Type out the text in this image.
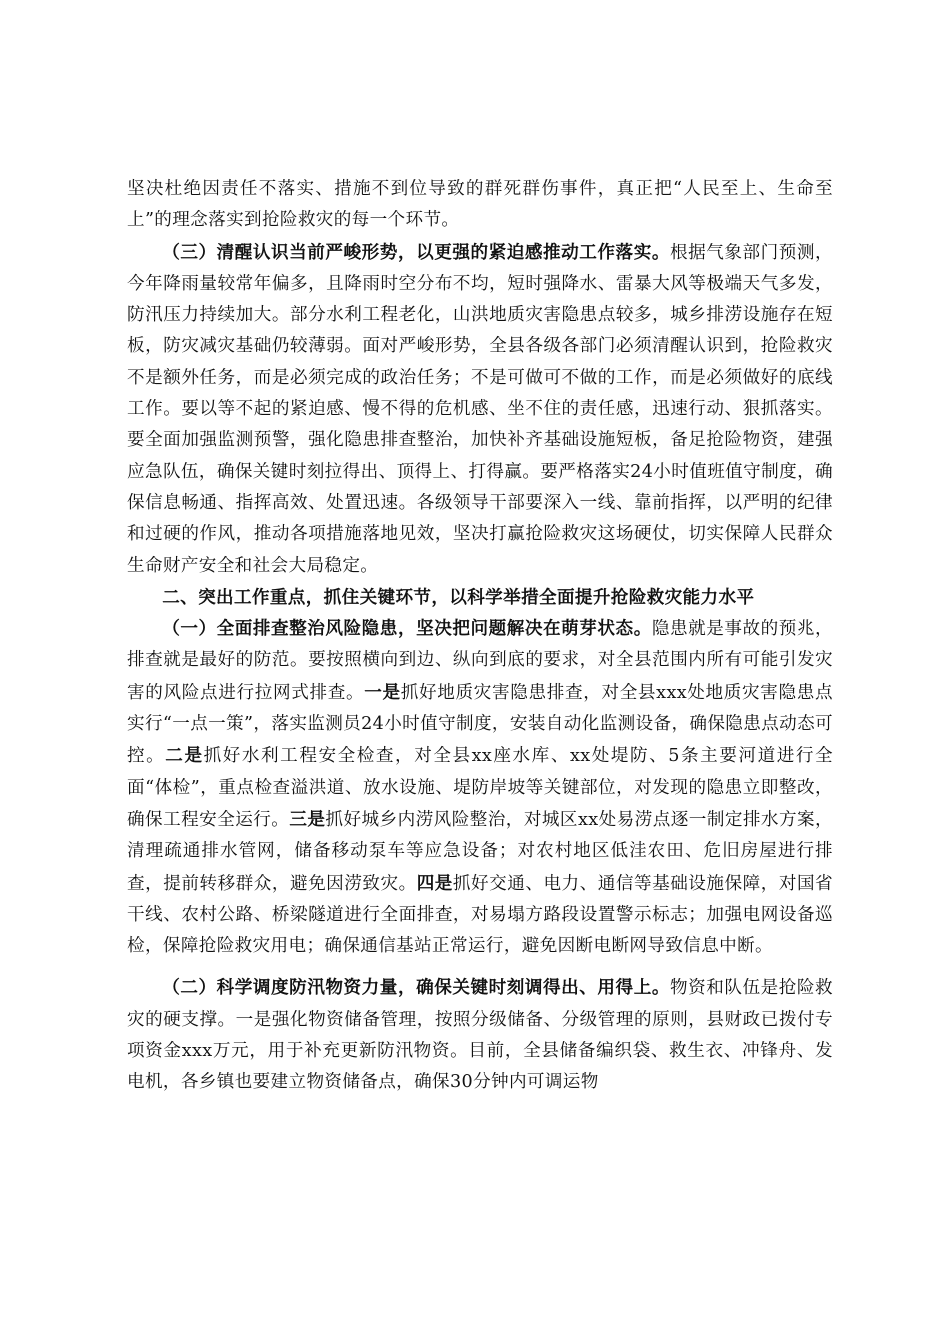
坚决杜绝因责任不落实、措施不到位导致的群死群伤事件，真正把“人民至上、生命至上”的理念落实到抢险救灾的每一个环节。

（三）清醒认识当前严峻形势，以更强的紧迫感推动工作落实。根据气象部门预测，今年降雨量较常年偏多，且降雨时空分布不均，短时强降水、雷暴大风等极端天气多发，防汛压力持续加大。部分水利工程老化，山洪地质灾害隐患点较多，城乡排涝设施存在短板，防灾减灾基础仍较薄弱。面对严峻形势，全县各级各部门必须清醒认识到，抢险救灾不是额外任务，而是必须完成的政治任务；不是可做可不做的工作，而是必须做好的底线工作。要以等不起的紧迫感、慢不得的危机感、坐不住的责任感，迅速行动、狠抓落实。要全面加强监测预警，强化隐患排查整治，加快补齐基础设施短板，备足抢险物资，建强应急队伍，确保关键时刻拉得出、顶得上、打得赢。要严格落实24小时值班值守制度，确保信息畅通、指挥高效、处置迅速。各级领导干部要深入一线、靠前指挥，以严明的纪律和过硬的作风，推动各项措施落地见效，坚决打赢抢险救灾这场硬仗，切实保障人民群众生命财产安全和社会大局稳定。

二、突出工作重点，抓住关键环节，以科学举措全面提升抢险救灾能力水平

（一）全面排查整治风险隐患，坚决把问题解决在萌芽状态。隐患就是事故的预兆，排查就是最好的防范。要按照横向到边、纵向到底的要求，对全县范围内所有可能引发灾害的风险点进行拉网式排查。一是抓好地质灾害隐患排查，对全县xxx处地质灾害隐患点实行“一点一策”，落实监测员24小时值守制度，安装自动化监测设备，确保隐患点动态可控。二是抓好水利工程安全检查，对全县xx座水库、xx处堤防、5条主要河道进行全面“体检”，重点检查溢洪道、放水设施、堤防岸坡等关键部位，对发现的隐患立即整改，确保工程安全运行。三是抓好城乡内涝风险整治，对城区xx处易涝点逐一制定排水方案，清理疏通排水管网，储备移动泵车等应急设备；对农村地区低洼农田、危旧房屋进行排查，提前转移群众，避免因涝致灾。四是抓好交通、电力、通信等基础设施保障，对国省干线、农村公路、桥梁隧道进行全面排查，对易塌方路段设置警示标志；加强电网设备巡检，保障抢险救灾用电；确保通信基站正常运行，避免因断电断网导致信息中断。

（二）科学调度防汛物资力量，确保关键时刻调得出、用得上。物资和队伍是抢险救灾的硬支撑。一是强化物资储备管理，按照分级储备、分级管理的原则，县财政已拨付专项资金xxx万元，用于补充更新防汛物资。目前，全县储备编织袋、救生衣、冲锋舟、发电机，各乡镇也要建立物资储备点，确保30分钟内可调运物
